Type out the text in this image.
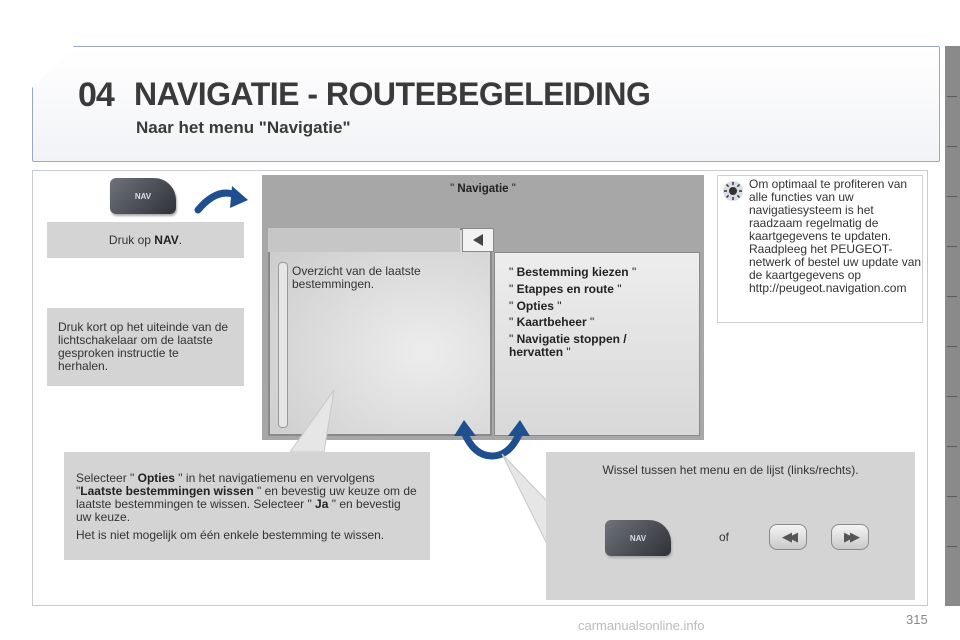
04 NAVIGATIE - ROUTEBEGELEIDING
Naar het menu "Navigatie"
NAV
Druk op NAV.
Druk kort op het uiteinde van de lichtschakelaar om de laatste gesproken instructie te herhalen.
" Navigatie "
Overzicht van de laatste bestemmingen.
" Bestemming kiezen "
" Etappes en route "
" Opties "
" Kaartbeheer "
" Navigatie stoppen / hervatten "
Om optimaal te profiteren van alle functies van uw navigatiesysteem is het raadzaam regelmatig de kaartgegevens te updaten. Raadpleeg het PEUGEOT-netwerk of bestel uw update van de kaartgegevens op http://peugeot.navigation.com
Selecteer " Opties " in het navigatiemenu en vervolgens "Laatste bestemmingen wissen " en bevestig uw keuze om de laatste bestemmingen te wissen. Selecteer " Ja " en bevestig uw keuze.
Het is niet mogelijk om één enkele bestemming te wissen.
Wissel tussen het menu en de lijst (links/rechts).
NAV	of	◀◀	▶▶
carmanualsonline.info	315
